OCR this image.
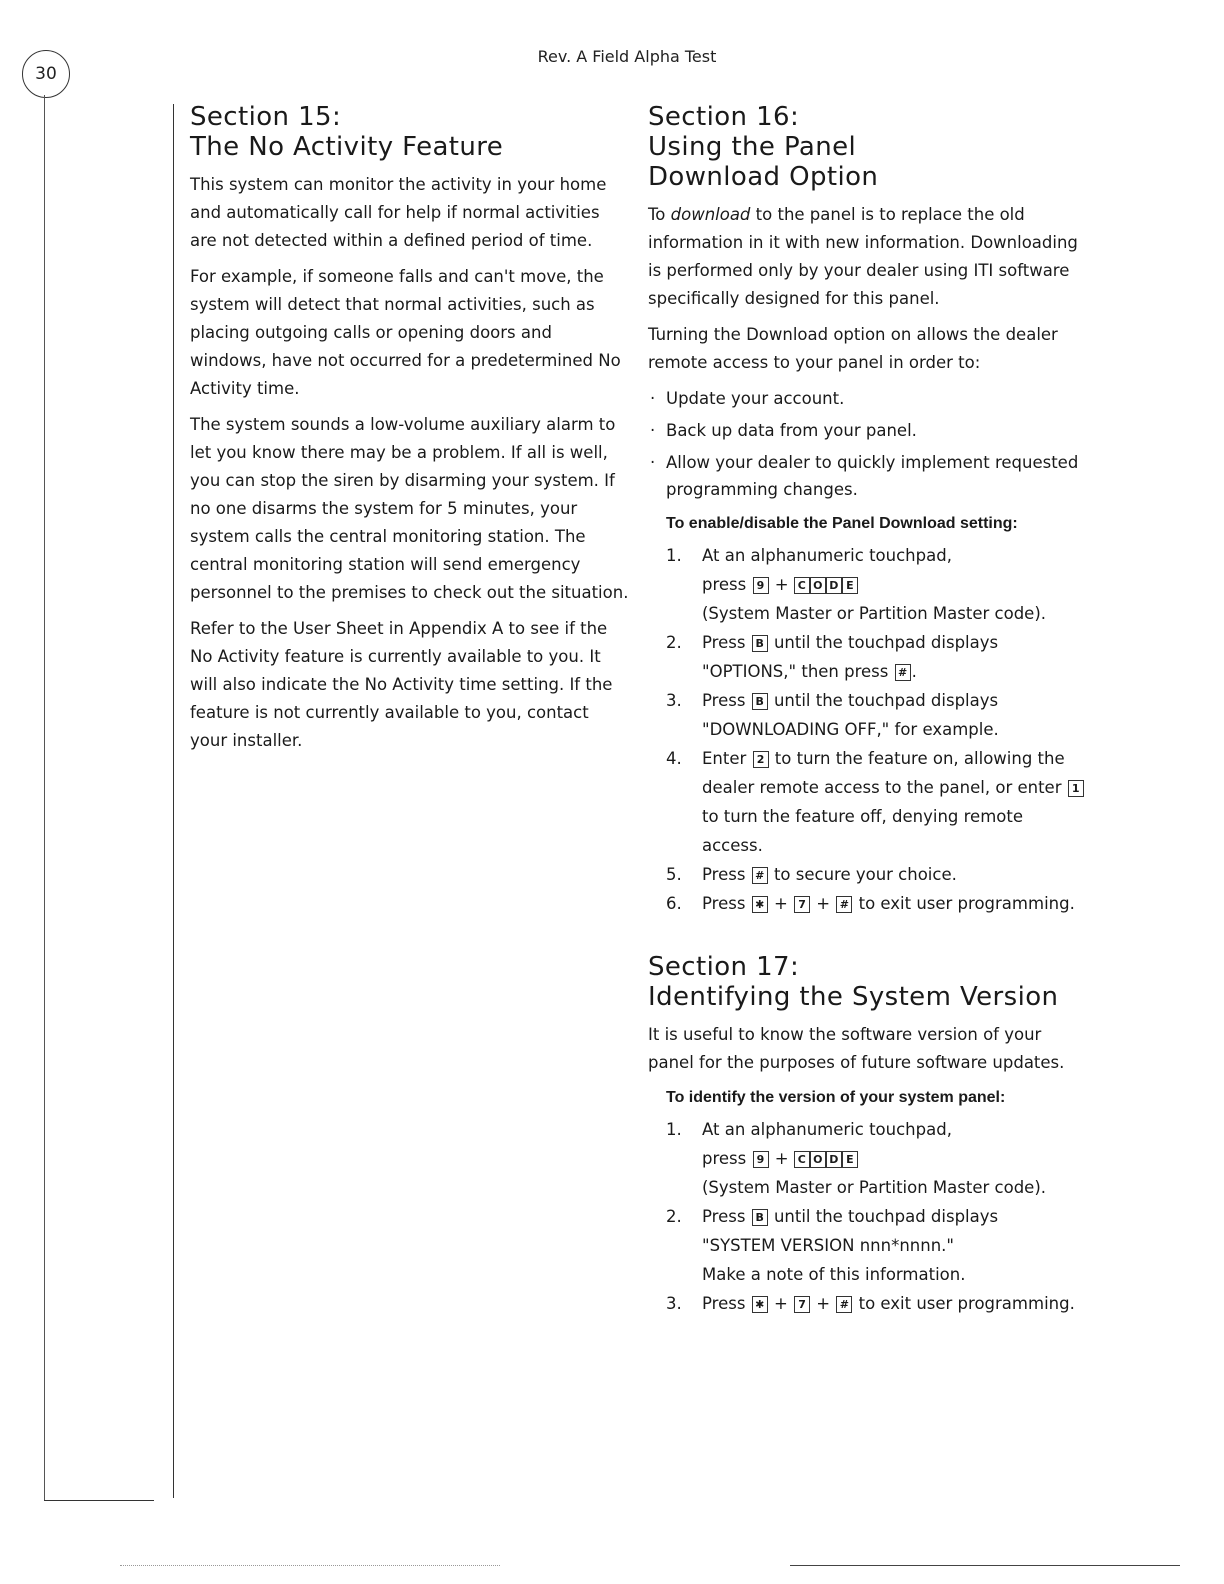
30
Rev. A Field Alpha Test
Section 15:
The No Activity Feature

This system can monitor the activity in your home and automatically call for help if normal activities are not detected within a defined period of time.

For example, if someone falls and can't move, the system will detect that normal activities, such as placing outgoing calls or opening doors and windows, have not occurred for a predetermined No Activity time.

The system sounds a low-volume auxiliary alarm to let you know there may be a problem. If all is well, you can stop the siren by disarming your system. If no one disarms the system for 5 minutes, your system calls the central monitoring station. The central monitoring station will send emergency personnel to the premises to check out the situation.

Refer to the User Sheet in Appendix A to see if the No Activity feature is currently available to you. It will also indicate the No Activity time setting. If the feature is not currently available to you, contact your installer.

Section 16:
Using the Panel
Download Option

To download to the panel is to replace the old information in it with new information. Downloading is performed only by your dealer using ITI software specifically designed for this panel.

Turning the Download option on allows the dealer remote access to your panel in order to:

· Update your account.
· Back up data from your panel.
· Allow your dealer to quickly implement requested programming changes.
To enable/disable the Panel Download setting:
1. At an alphanumeric touchpad,
press 9 + C O D E
(System Master or Partition Master code).
2. Press B until the touchpad displays
"OPTIONS," then press # .
3. Press B until the touchpad displays
"DOWNLOADING OFF," for example.
4. Enter 2 to turn the feature on, allowing the dealer remote access to the panel, or enter 1 to turn the feature off, denying remote access.
5. Press # to secure your choice.
6. Press ✱ + 7 + # to exit user programming.
Section 17:
Identifying the System Version

It is useful to know the software version of your panel for the purposes of future software updates.

To identify the version of your system panel:
1. At an alphanumeric touchpad,
press 9 + C O D E
(System Master or Partition Master code).
2. Press B until the touchpad displays
"SYSTEM VERSION nnn*nnnn."
Make a note of this information.
3. Press ✱ + 7 + # to exit user programming.
